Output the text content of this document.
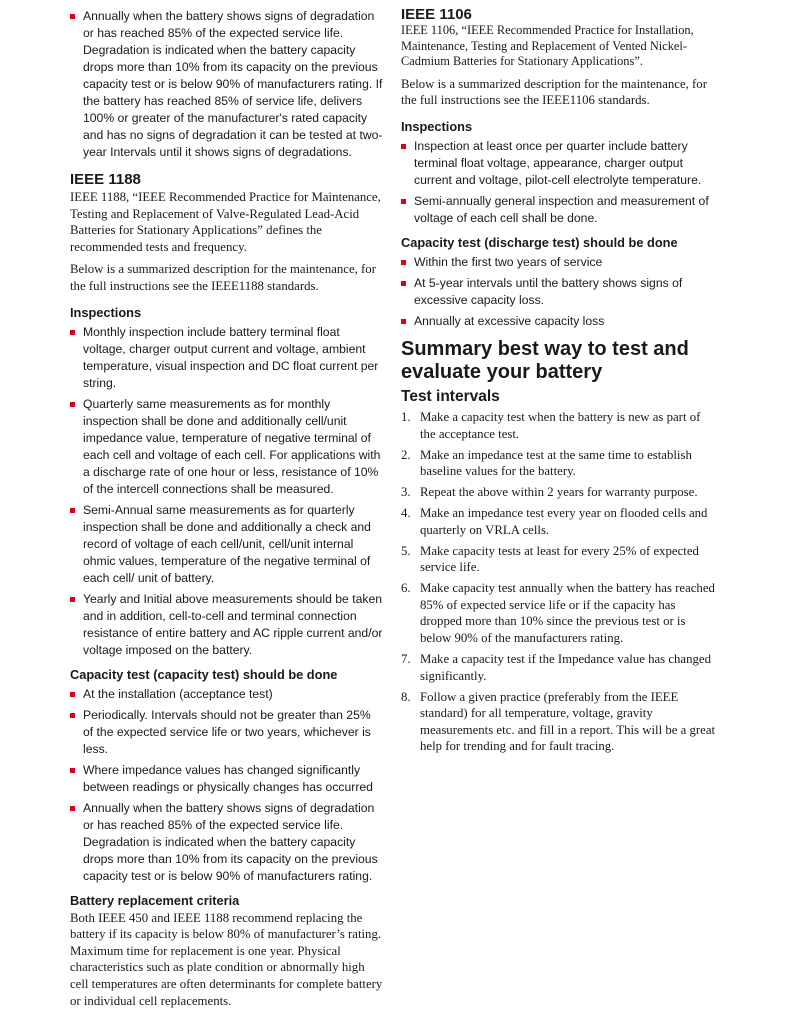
Annually when the battery shows signs of degradation or has reached 85% of the expected service life. Degradation is indicated when the battery capacity drops more than 10% from its capacity on the previous capacity test or is below 90% of manufacturers rating. If the battery has reached 85% of service life, delivers 100% or greater of the manufacturer's rated capacity and has no signs of degradation it can be tested at two-year Intervals until it shows signs of degradations.
IEEE 1188

IEEE 1188, “IEEE Recommended Practice for Maintenance, Testing and Replacement of Valve-Regulated Lead-Acid Batteries for Stationary Applications” defines the recommended tests and frequency.

Below is a summarized description for the maintenance, for the full instructions see the IEEE1188 standards.

Inspections
Monthly inspection include battery terminal float voltage, charger output current and voltage, ambient temperature, visual inspection and DC float current per string.
Quarterly same measurements as for monthly inspection shall be done and additionally cell/unit impedance value, temperature of negative terminal of each cell and voltage of each cell. For applications with a discharge rate of one hour or less, resistance of 10% of the intercell connections shall be measured.
Semi-Annual same measurements as for quarterly inspection shall be done and additionally a check and record of voltage of each cell/unit, cell/unit internal ohmic values, temperature of the negative terminal of each cell/ unit of battery.
Yearly and Initial above measurements should be taken and in addition, cell-to-cell and terminal connection resistance of entire battery and AC ripple current and/or voltage imposed on the battery.
Capacity test (capacity test) should be done
At the installation (acceptance test)
Periodically. Intervals should not be greater than 25% of the expected service life or two years, whichever is less.
Where impedance values has changed significantly between readings or physically changes has occurred
Annually when the battery shows signs of degradation or has reached 85% of the expected service life. Degradation is indicated when the battery capacity drops more than 10% from its capacity on the previous capacity test or is below 90% of manufacturers rating.
Battery replacement criteria

Both IEEE 450 and IEEE 1188 recommend replacing the battery if its capacity is below 80% of manufacturer’s rating. Maximum time for replacement is one year. Physical characteristics such as plate condition or abnormally high cell temperatures are often determinants for complete battery or individual cell replacements.

IEEE 1106

IEEE 1106, “IEEE Recommended Practice for Installation, Maintenance, Testing and Replacement of Vented Nickel-Cadmium Batteries for Stationary Applications”.

Below is a summarized description for the maintenance, for the full instructions see the IEEE1106 standards.

Inspections
Inspection at least once per quarter include battery terminal float voltage, appearance, charger output current and voltage, pilot-cell electrolyte temperature.
Semi-annually general inspection and measurement of voltage of each cell shall be done.
Capacity test (discharge test) should be done
Within the first two years of service
At 5-year intervals until the battery shows signs of excessive capacity loss.
Annually at excessive capacity loss
Summary best way to test and evaluate your battery
Test intervals
1. Make a capacity test when the battery is new as part of the acceptance test.
2. Make an impedance test at the same time to establish baseline values for the battery.
3. Repeat the above within 2 years for warranty purpose.
4. Make an impedance test every year on flooded cells and quarterly on VRLA cells.
5. Make capacity tests at least for every 25% of expected service life.
6. Make capacity test annually when the battery has reached 85% of expected service life or if the capacity has dropped more than 10% since the previous test or is below 90% of the manufacturers rating.
7. Make a capacity test if the Impedance value has changed significantly.
8. Follow a given practice (preferably from the IEEE standard) for all temperature, voltage, gravity measurements etc. and fill in a report. This will be a great help for trending and for fault tracing.
